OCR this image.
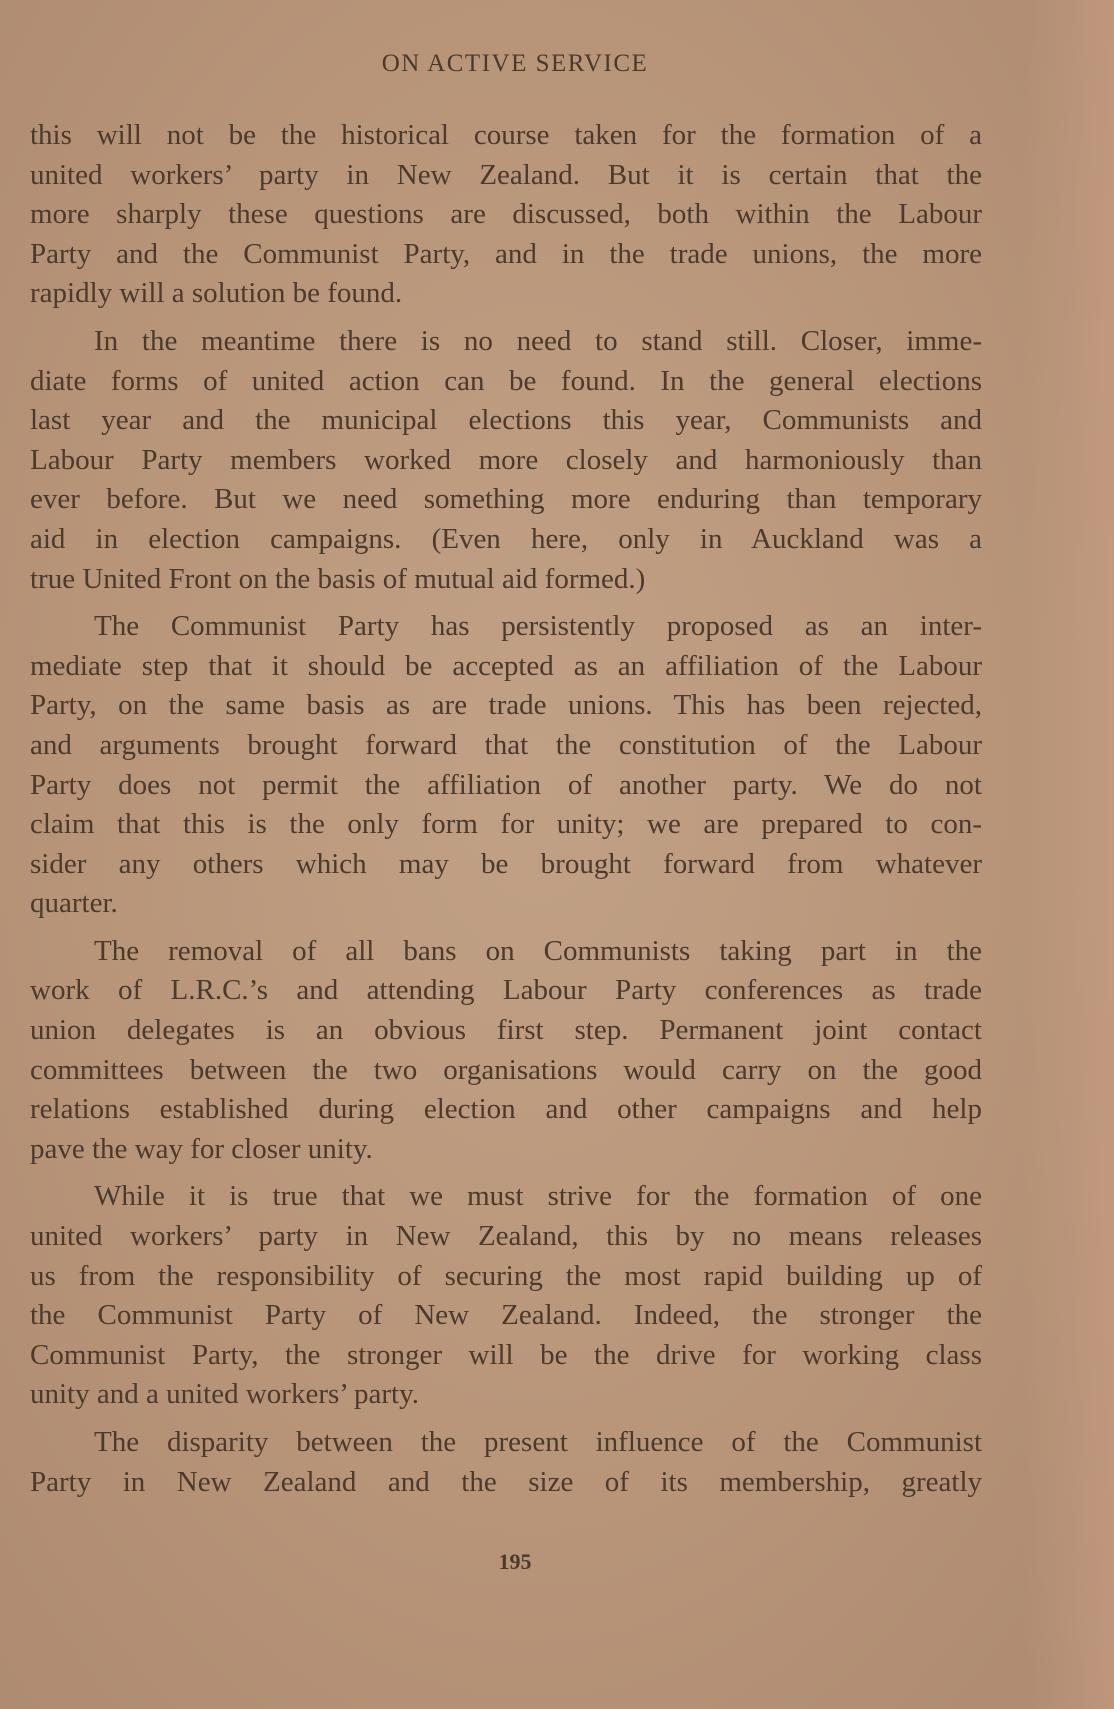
ON ACTIVE SERVICE
this will not be the historical course taken for the formation of a
united workers’ party in New Zealand. But it is certain that the
more sharply these questions are discussed, both within the Labour
Party and the Communist Party, and in the trade unions, the more
rapidly will a solution be found.
In the meantime there is no need to stand still. Closer, imme-
diate forms of united action can be found. In the general elections
last year and the municipal elections this year, Communists and
Labour Party members worked more closely and harmoniously than
ever before. But we need something more enduring than temporary
aid in election campaigns. (Even here, only in Auckland was a
true United Front on the basis of mutual aid formed.)
The Communist Party has persistently proposed as an inter-
mediate step that it should be accepted as an affiliation of the Labour
Party, on the same basis as are trade unions. This has been rejected,
and arguments brought forward that the constitution of the Labour
Party does not permit the affiliation of another party. We do not
claim that this is the only form for unity; we are prepared to con-
sider any others which may be brought forward from whatever
quarter.
The removal of all bans on Communists taking part in the
work of L.R.C.’s and attending Labour Party conferences as trade
union delegates is an obvious first step. Permanent joint contact
committees between the two organisations would carry on the good
relations established during election and other campaigns and help
pave the way for closer unity.
While it is true that we must strive for the formation of one
united workers’ party in New Zealand, this by no means releases
us from the responsibility of securing the most rapid building up of
the Communist Party of New Zealand. Indeed, the stronger the
Communist Party, the stronger will be the drive for working class
unity and a united workers’ party.
The disparity between the present influence of the Communist
Party in New Zealand and the size of its membership, greatly
195
